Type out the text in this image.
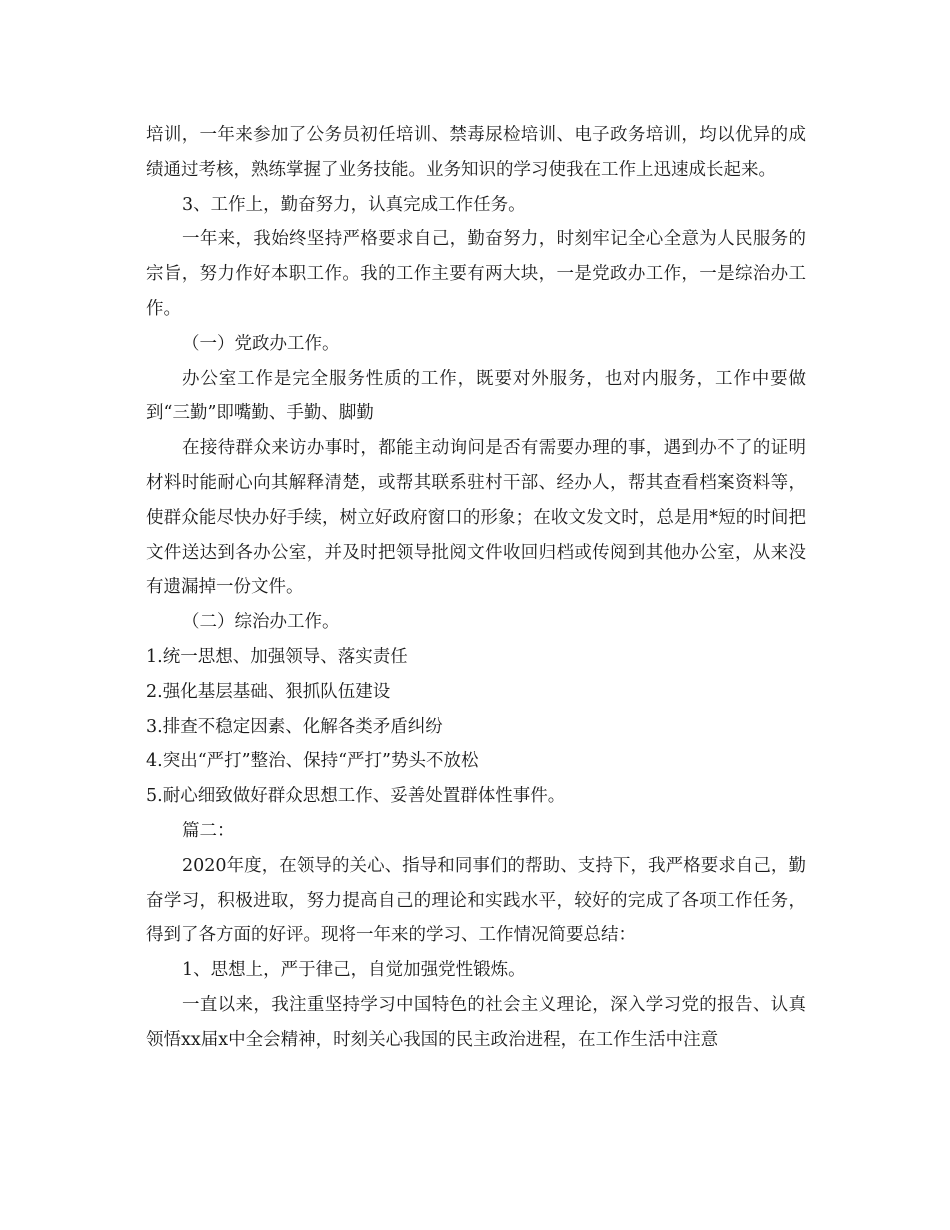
培训，一年来参加了公务员初任培训、禁毒尿检培训、电子政务培训，均以优异的成绩通过考核，熟练掌握了业务技能。业务知识的学习使我在工作上迅速成长起来。

3、工作上，勤奋努力，认真完成工作任务。

一年来，我始终坚持严格要求自己，勤奋努力，时刻牢记全心全意为人民服务的宗旨，努力作好本职工作。我的工作主要有两大块，一是党政办工作，一是综治办工作。

（一）党政办工作。

办公室工作是完全服务性质的工作，既要对外服务，也对内服务，工作中要做到“三勤”即嘴勤、手勤、脚勤

在接待群众来访办事时，都能主动询问是否有需要办理的事，遇到办不了的证明材料时能耐心向其解释清楚，或帮其联系驻村干部、经办人，帮其查看档案资料等，使群众能尽快办好手续，树立好政府窗口的形象；在收文发文时，总是用*短的时间把文件送达到各办公室，并及时把领导批阅文件收回归档或传阅到其他办公室，从来没有遗漏掉一份文件。

（二）综治办工作。

1.统一思想、加强领导、落实责任

2.强化基层基础、狠抓队伍建设

3.排查不稳定因素、化解各类矛盾纠纷

4.突出“严打”整治、保持“严打”势头不放松

5.耐心细致做好群众思想工作、妥善处置群体性事件。

篇二：

2020年度，在领导的关心、指导和同事们的帮助、支持下，我严格要求自己，勤奋学习，积极进取，努力提高自己的理论和实践水平，较好的完成了各项工作任务，得到了各方面的好评。现将一年来的学习、工作情况简要总结：

1、思想上，严于律己，自觉加强党性锻炼。

一直以来，我注重坚持学习中国特色的社会主义理论，深入学习党的报告、认真领悟xx届x中全会精神，时刻关心我国的民主政治进程，在工作生活中注意
